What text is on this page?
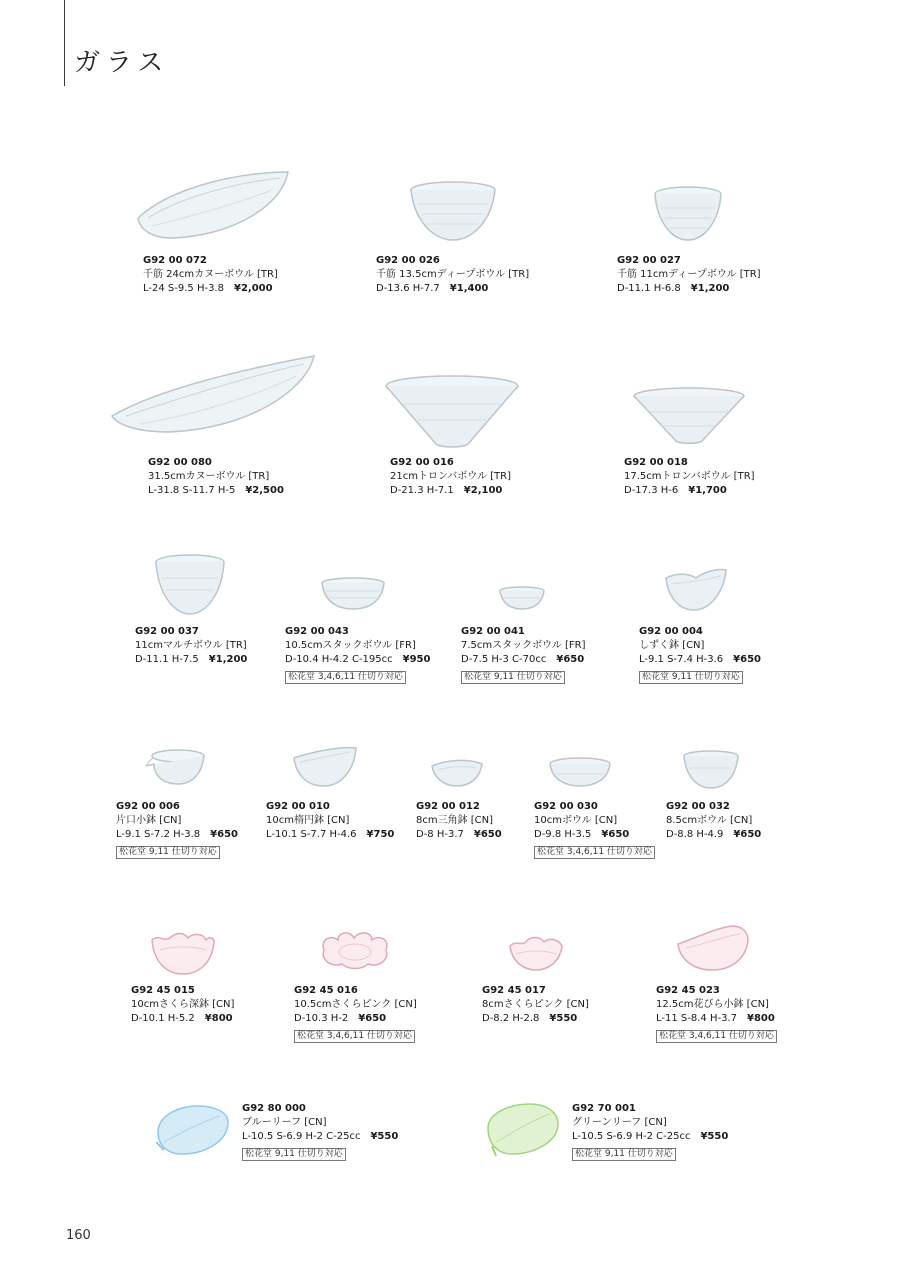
ガラス
G92 00 072
千筋 24cmカヌーボウル [TR]
L-24 S-9.5 H-3.8 ¥2,000
G92 00 026
千筋 13.5cmディープボウル [TR]
D-13.6 H-7.7 ¥1,400
G92 00 027
千筋 11cmディープボウル [TR]
D-11.1 H-6.8 ¥1,200
G92 00 080
31.5cmカヌーボウル [TR]
L-31.8 S-11.7 H-5 ¥2,500
G92 00 016
21cmトロンバボウル [TR]
D-21.3 H-7.1 ¥2,100
G92 00 018
17.5cmトロンバボウル [TR]
D-17.3 H-6 ¥1,700
G92 00 037
11cmマルチボウル [TR]
D-11.1 H-7.5 ¥1,200
G92 00 043
10.5cmスタックボウル [FR]
D-10.4 H-4.2 C-195cc ¥950
松花堂 3,4,6,11 仕切り対応
G92 00 041
7.5cmスタックボウル [FR]
D-7.5 H-3 C-70cc ¥650
松花堂 9,11 仕切り対応
G92 00 004
しずく鉢 [CN]
L-9.1 S-7.4 H-3.6 ¥650
松花堂 9,11 仕切り対応
G92 00 006
片口小鉢 [CN]
L-9.1 S-7.2 H-3.8 ¥650
松花堂 9,11 仕切り対応
G92 00 010
10cm楕円鉢 [CN]
L-10.1 S-7.7 H-4.6 ¥750
G92 00 012
8cm三角鉢 [CN]
D-8 H-3.7 ¥650
G92 00 030
10cmボウル [CN]
D-9.8 H-3.5 ¥650
松花堂 3,4,6,11 仕切り対応
G92 00 032
8.5cmボウル [CN]
D-8.8 H-4.9 ¥650
G92 45 015
10cmさくら深鉢 [CN]
D-10.1 H-5.2 ¥800
G92 45 016
10.5cmさくらピンク [CN]
D-10.3 H-2 ¥650
松花堂 3,4,6,11 仕切り対応
G92 45 017
8cmさくらピンク [CN]
D-8.2 H-2.8 ¥550
G92 45 023
12.5cm花びら小鉢 [CN]
L-11 S-8.4 H-3.7 ¥800
松花堂 3,4,6,11 仕切り対応
G92 80 000
ブルーリーフ [CN]
L-10.5 S-6.9 H-2 C-25cc ¥550
松花堂 9,11 仕切り対応
G92 70 001
グリーンリーフ [CN]
L-10.5 S-6.9 H-2 C-25cc ¥550
松花堂 9,11 仕切り対応
160
